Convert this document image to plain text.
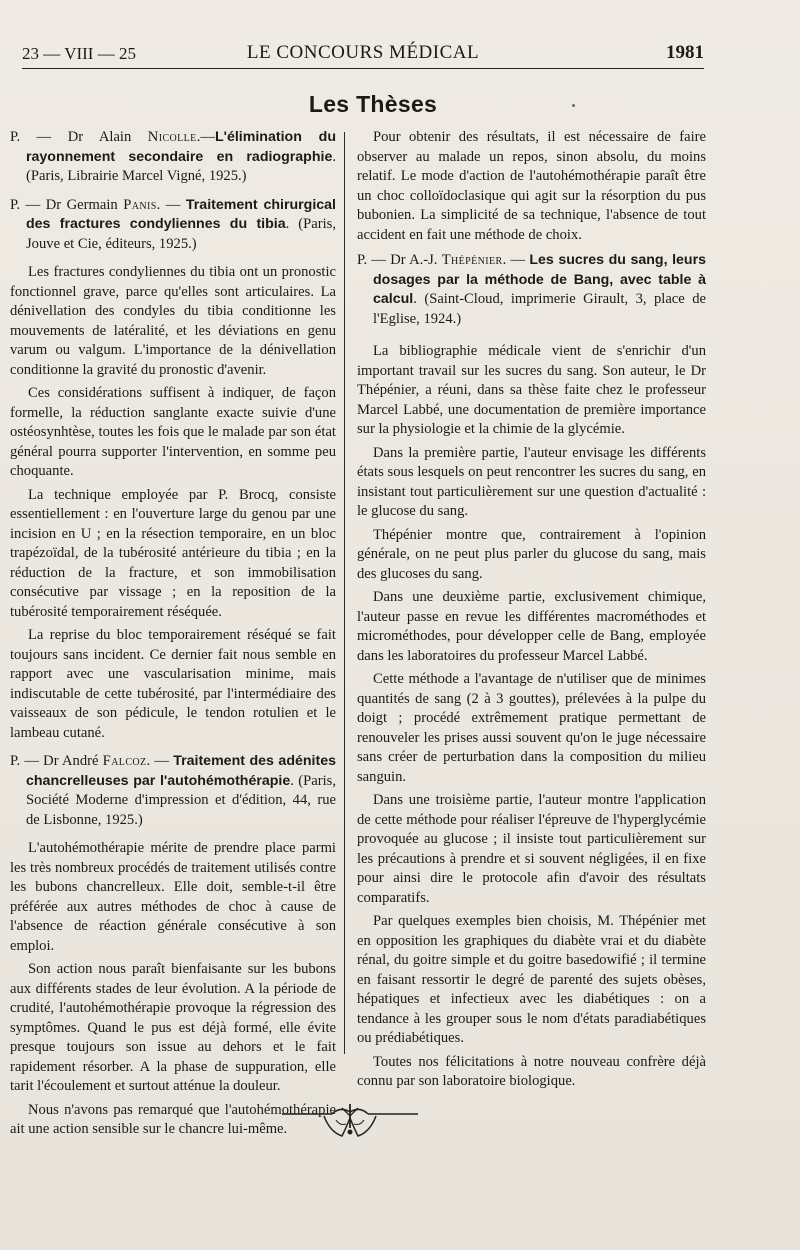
23 — VIII — 25	LE CONCOURS MÉDICAL	1981
Les Thèses

P. — Dr Alain Nicolle.—L'élimination du rayonnement secondaire en radiographie. (Paris, Librairie Marcel Vigné, 1925.)

P. — Dr Germain Panis. — Traitement chirurgical des fractures condyliennes du tibia. (Paris, Jouve et Cie, éditeurs, 1925.)

Les fractures condyliennes du tibia ont un pronostic fonctionnel grave, parce qu'elles sont articulaires. La dénivellation des condyles du tibia conditionne les mouvements de latéralité, et les déviations en genu varum ou valgum. L'importance de la dénivellation conditionne la gravité du pronostic d'avenir.

Ces considérations suffisent à indiquer, de façon formelle, la réduction sanglante exacte suivie d'une ostéosynhtèse, toutes les fois que le malade par son état général pourra supporter l'intervention, en somme peu choquante.

La technique employée par P. Brocq, consiste essentiellement : en l'ouverture large du genou par une incision en U ; en la résection temporaire, en un bloc trapézoïdal, de la tubérosité antérieure du tibia ; en la réduction de la fracture, et son immobilisation consécutive par vissage ; en la reposition de la tubérosité temporairement réséquée.

La reprise du bloc temporairement réséqué se fait toujours sans incident. Ce dernier fait nous semble en rapport avec une vascularisation minime, mais indiscutable de cette tubérosité, par l'intermédiaire des vaisseaux de son pédicule, le tendon rotulien et le lambeau cutané.

P. — Dr André Falcoz. — Traitement des adénites chancrelleuses par l'autohémothérapie. (Paris, Société Moderne d'impression et d'édition, 44, rue de Lisbonne, 1925.)

L'autohémothérapie mérite de prendre place parmi les très nombreux procédés de traitement utilisés contre les bubons chancrelleux. Elle doit, semble-t-il être préférée aux autres méthodes de choc à cause de l'absence de réaction générale consécutive à son emploi.

Son action nous paraît bienfaisante sur les bubons aux différents stades de leur évolution. A la période de crudité, l'autohémothérapie provoque la régression des symptômes. Quand le pus est déjà formé, elle évite presque toujours son issue au dehors et le fait rapidement résorber. A la phase de suppuration, elle tarit l'écoulement et surtout atténue la douleur.

Nous n'avons pas remarqué que l'autohémothérapie ait une action sensible sur le chancre lui-même.

Pour obtenir des résultats, il est nécessaire de faire observer au malade un repos, sinon absolu, du moins relatif. Le mode d'action de l'autohémothérapie paraît être un choc colloïdoclasique qui agit sur la résorption du pus bubonien. La simplicité de sa technique, l'absence de tout accident en fait une méthode de choix.

P. — Dr A.-J. Thépénier. — Les sucres du sang, leurs dosages par la méthode de Bang, avec table à calcul. (Saint-Cloud, imprimerie Girault, 3, place de l'Eglise, 1924.)

La bibliographie médicale vient de s'enrichir d'un important travail sur les sucres du sang. Son auteur, le Dr Thépénier, a réuni, dans sa thèse faite chez le professeur Marcel Labbé, une documentation de première importance sur la physiologie et la chimie de la glycémie.

Dans la première partie, l'auteur envisage les différents états sous lesquels on peut rencontrer les sucres du sang, en insistant tout particulièrement sur une question d'actualité : le glucose du sang.

Thépénier montre que, contrairement à l'opinion générale, on ne peut plus parler du glucose du sang, mais des glucoses du sang.

Dans une deuxième partie, exclusivement chimique, l'auteur passe en revue les différentes macrométhodes et microméthodes, pour développer celle de Bang, employée dans les laboratoires du professeur Marcel Labbé.

Cette méthode a l'avantage de n'utiliser que de minimes quantités de sang (2 à 3 gouttes), prélevées à la pulpe du doigt ; procédé extrêmement pratique permettant de renouveler les prises aussi souvent qu'on le juge nécessaire sans créer de perturbation dans la composition du milieu sanguin.

Dans une troisième partie, l'auteur montre l'application de cette méthode pour réaliser l'épreuve de l'hyperglycémie provoquée au glucose ; il insiste tout particulièrement sur les précautions à prendre et si souvent négligées, il en fixe pour ainsi dire le protocole afin d'avoir des résultats comparatifs.

Par quelques exemples bien choisis, M. Thépénier met en opposition les graphiques du diabète vrai et du diabète rénal, du goitre simple et du goitre basedowifié ; il termine en faisant ressortir le degré de parenté des sujets obèses, hépatiques et infectieux avec les diabétiques : on a tendance à les grouper sous le nom d'états paradiabétiques ou prédiabétiques.

Toutes nos félicitations à notre nouveau confrère déjà connu par son laboratoire biologique.
